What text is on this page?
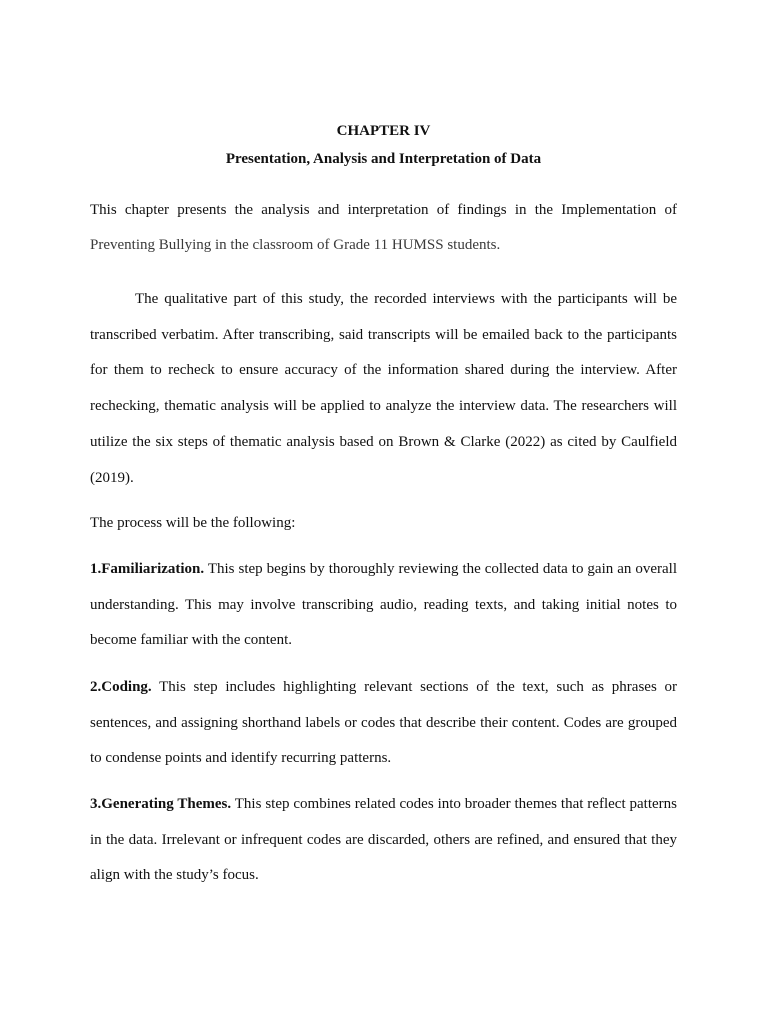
CHAPTER IV
Presentation, Analysis and Interpretation of Data

This chapter presents the analysis and interpretation of findings in the Implementation of

Preventing Bullying in the classroom of Grade 11 HUMSS students.

The qualitative part of this study, the recorded interviews with the participants will be transcribed verbatim. After transcribing, said transcripts will be emailed back to the participants for them to recheck to ensure accuracy of the information shared during the interview. After rechecking, thematic analysis will be applied to analyze the interview data. The researchers will utilize the six steps of thematic analysis based on Brown & Clarke (2022) as cited by Caulfield (2019).

The process will be the following:

1.Familiarization. This step begins by thoroughly reviewing the collected data to gain an overall understanding. This may involve transcribing audio, reading texts, and taking initial notes to become familiar with the content.

2.Coding. This step includes highlighting relevant sections of the text, such as phrases or sentences, and assigning shorthand labels or codes that describe their content. Codes are grouped to condense points and identify recurring patterns.

3.Generating Themes. This step combines related codes into broader themes that reflect patterns in the data. Irrelevant or infrequent codes are discarded, others are refined, and ensured that they align with the study’s focus.
